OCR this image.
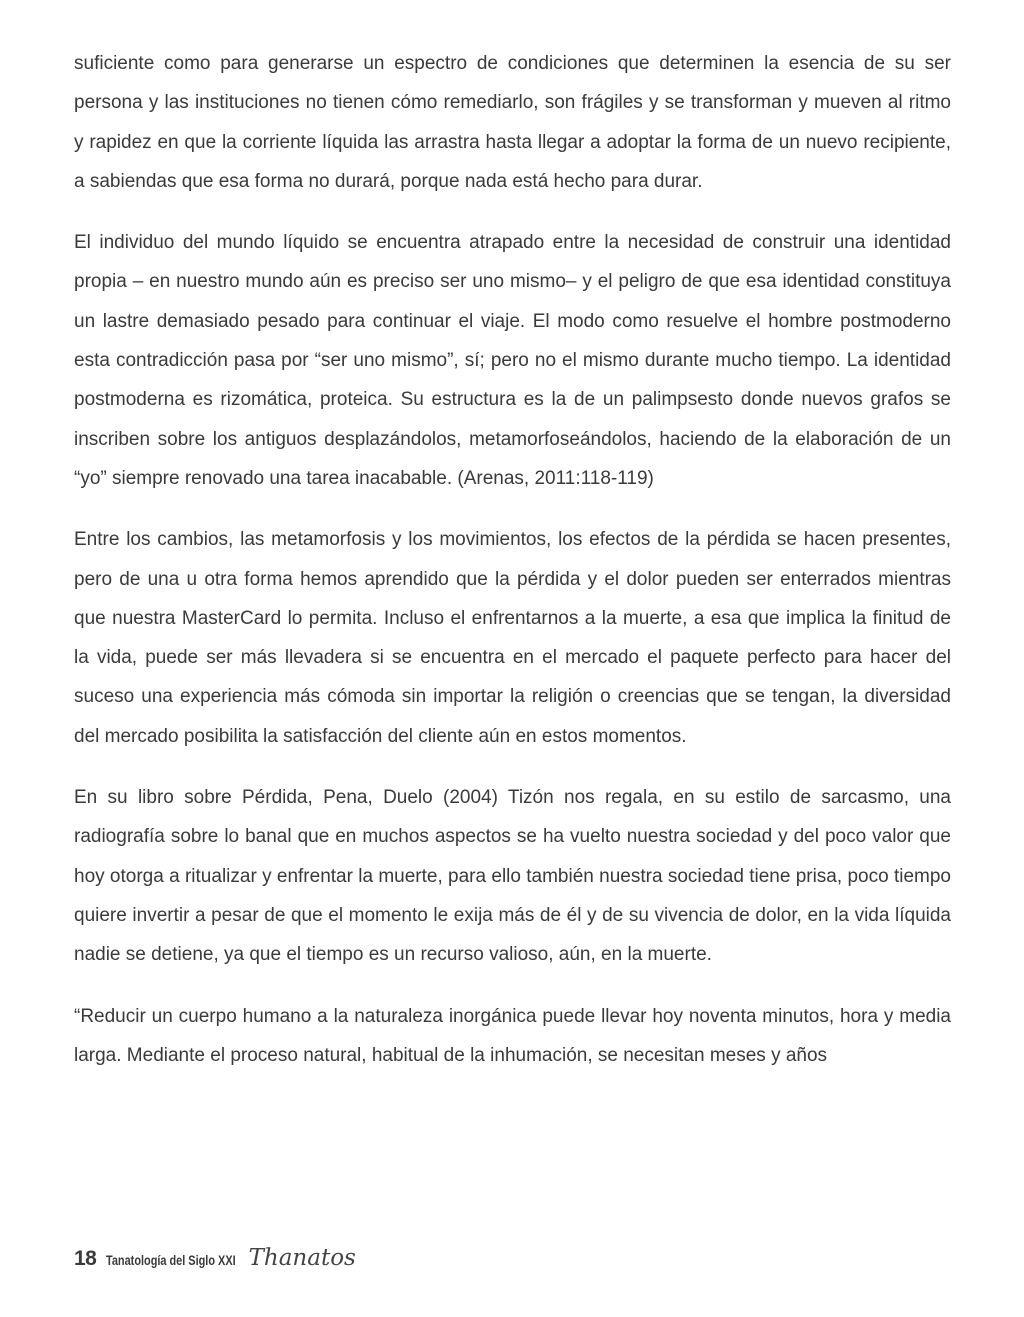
suficiente como para generarse un espectro de condiciones que determinen la esencia de su ser persona y las instituciones no tienen cómo remediarlo, son frágiles y se transforman y mueven al ritmo y rapidez en que la corriente líquida las arrastra hasta llegar a adoptar la forma de un nuevo recipiente, a sabiendas que esa forma no durará, porque nada está hecho para durar.

El individuo del mundo líquido se encuentra atrapado entre la necesidad de construir una identidad propia – en nuestro mundo aún es preciso ser uno mismo– y el peligro de que esa identidad constituya un lastre demasiado pesado para continuar el viaje. El modo como resuelve el hombre postmoderno esta contradicción pasa por “ser uno mismo”, sí; pero no el mismo durante mucho tiempo. La identidad postmoderna es rizomática, proteica. Su estructura es la de un palimpsesto donde nuevos grafos se inscriben sobre los antiguos desplazándolos, metamorfoseándolos, haciendo de la elaboración de un “yo” siempre renovado una tarea inacabable. (Arenas, 2011:118-119)

Entre los cambios, las metamorfosis y los movimientos, los efectos de la pérdida se hacen presentes, pero de una u otra forma hemos aprendido que la pérdida y el dolor pueden ser enterrados mientras que nuestra MasterCard lo permita. Incluso el enfrentarnos a la muerte, a esa que implica la finitud de la vida, puede ser más llevadera si se encuentra en el mercado el paquete perfecto para hacer del suceso una experiencia más cómoda sin importar la religión o creencias que se tengan, la diversidad del mercado posibilita la satisfacción del cliente aún en estos momentos.

En su libro sobre Pérdida, Pena, Duelo (2004) Tizón nos regala, en su estilo de sarcasmo, una radiografía sobre lo banal que en muchos aspectos se ha vuelto nuestra sociedad y del poco valor que hoy otorga a ritualizar y enfrentar la muerte, para ello también nuestra sociedad tiene prisa, poco tiempo quiere invertir a pesar de que el momento le exija más de él y de su vivencia de dolor, en la vida líquida nadie se detiene, ya que el tiempo es un recurso valioso, aún, en la muerte.

“Reducir un cuerpo humano a la naturaleza inorgánica puede llevar hoy noventa minutos, hora y media larga. Mediante el proceso natural, habitual de la inhumación, se necesitan meses y años

18 Tanatología del Siglo XXI Thanatos
